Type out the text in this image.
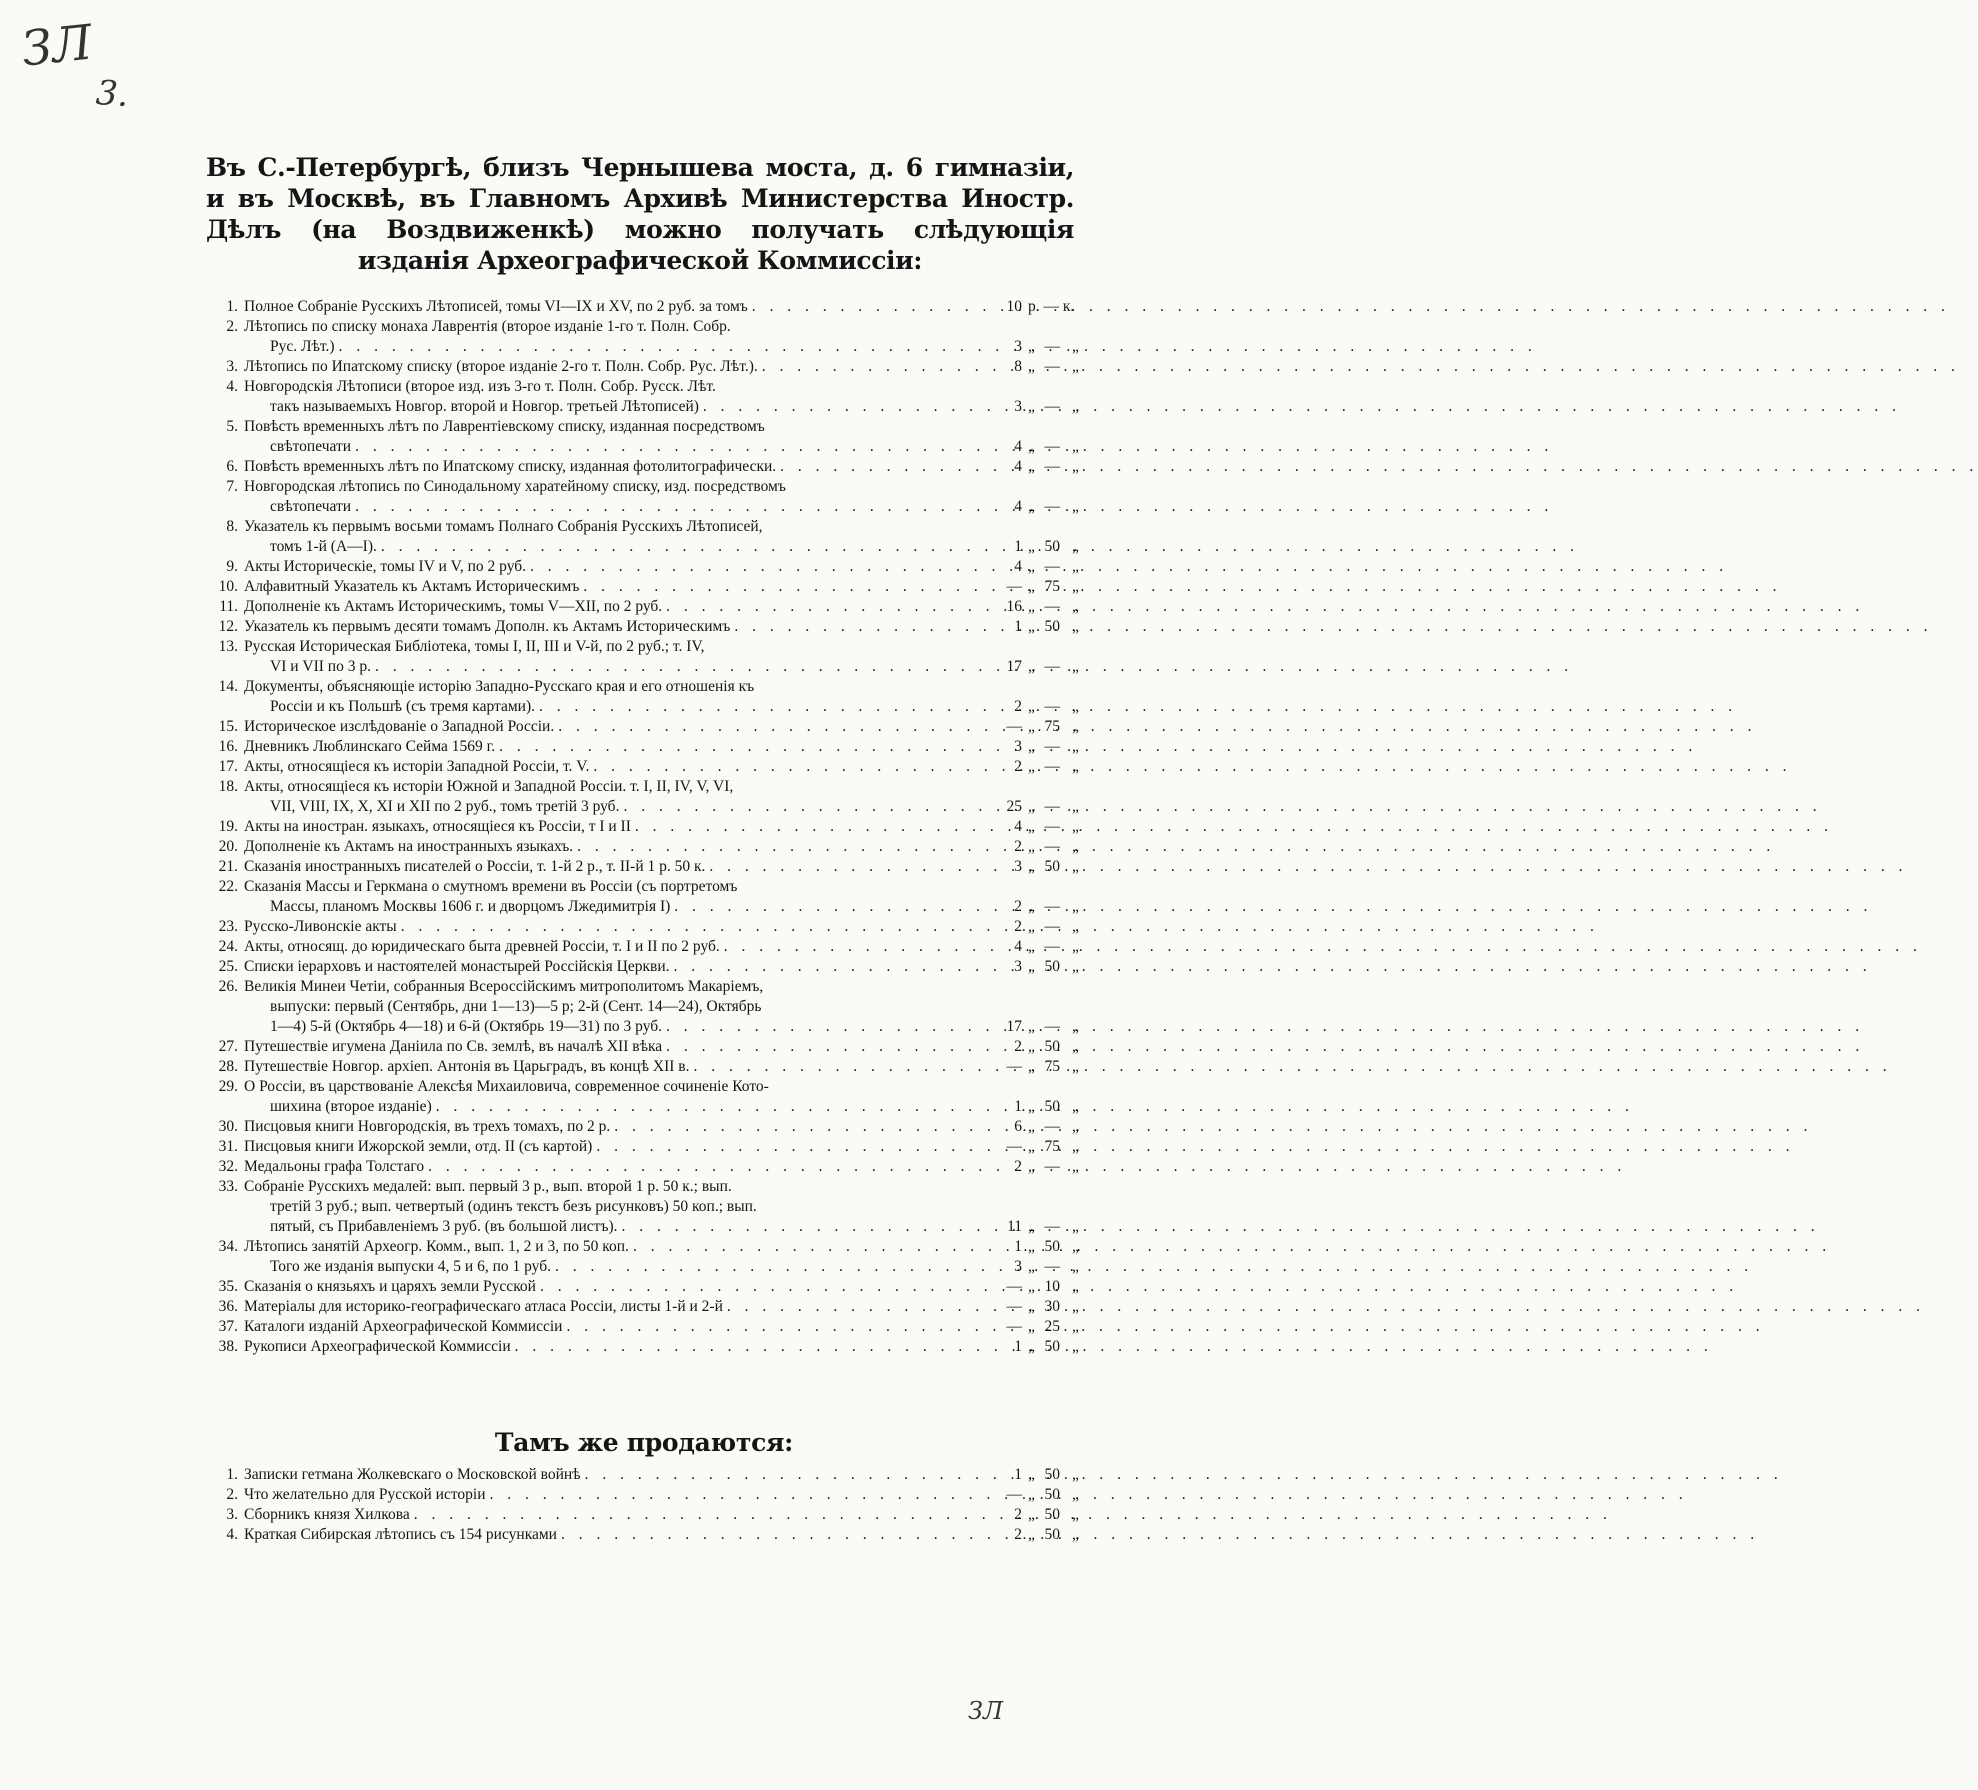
ЗЛ
3.
ЗЛ
Въ С.-Петербургѣ, близъ Чернышева моста, д. 6 гимназіи, и въ Москвѣ, въ Главномъ Архивѣ Министерства Иностр. Дѣлъ (на Воздвиженкѣ) можно получать слѣдующія изданія Археографической Коммиссіи:
1. Полное Собраніе Русскихъ Лѣтописей, томы VI—IX и XV, по 2 руб. за томъ . . .	10 р. — к.
2. Лѣтопись по списку монаха Лаврентія (второе изданіе 1-го т. Полн. Собр.
Рус. Лѣт.) . . .	3 „ — „
3. Лѣтопись по Ипатскому списку (второе изданіе 2-го т. Полн. Собр. Рус. Лѣт.). . . .	8 „ — „
4. Новгородскія Лѣтописи (второе изд. изъ 3-го т. Полн. Собр. Русск. Лѣт.
такъ называемыхъ Новгор. второй и Новгор. третьей Лѣтописей) . . .	3 „ — „
5. Повѣсть временныхъ лѣтъ по Лаврентіевскому списку, изданная посредствомъ
свѣтопечати . . .	4 „ — „
6. Повѣсть временныхъ лѣтъ по Ипатскому списку, изданная фотолитографически. . . .	4 „ — „
7. Новгородская лѣтопись по Синодальному харатейному списку, изд. посредствомъ
свѣтопечати . . .	4 „ — „
8. Указатель къ первымъ восьми томамъ Полнаго Собранія Русскихъ Лѣтописей,
томъ 1-й (А—I). . . .	1 „ 50 „
9. Акты Историческіе, томы IV и V, по 2 руб. . . .	4 „ — „
10. Алфавитный Указатель къ Актамъ Историческимъ . . .	— „ 75 „
11. Дополненіе къ Актамъ Историческимъ, томы V—XII, по 2 руб. . . .	16 „ — „
12. Указатель къ первымъ десяти томамъ Дополн. къ Актамъ Историческимъ . . .	1 „ 50 „
13. Русская Историческая Библіотека, томы I, II, III и V-й, по 2 руб.; т. IV,
VI и VII по 3 р. . . .	17 „ — „
14. Документы, объясняющіе исторію Западно-Русскаго края и его отношенія къ
Россіи и къ Польшѣ (съ тремя картами). . . .	2 „ — „
15. Историческое изслѣдованіе о Западной Россіи. . . .	— „ 75 „
16. Дневникъ Люблинскаго Сейма 1569 г. . . .	3 „ — „
17. Акты, относящіеся къ исторіи Западной Россіи, т. V. . . .	2 „ — „
18. Акты, относящіеся къ исторіи Южной и Западной Россіи. т. I, II, IV, V, VI,
VII, VIII, IX, X, XI и XII по 2 руб., томъ третій 3 руб. . . .	25 „ — „
19. Акты на иностран. языкахъ, относящіеся къ Россіи, т I и II . . .	4 „ — „
20. Дополненіе къ Актамъ на иностранныхъ языкахъ. . . .	2 „ — „
21. Сказанія иностранныхъ писателей о Россіи, т. 1-й 2 р., т. II-й 1 р. 50 к. . . .	3 „ 50 „
22. Сказанія Массы и Геркмана о смутномъ времени въ Россіи (съ портретомъ
Массы, планомъ Москвы 1606 г. и дворцомъ Лжедимитрія I) . . .	2 „ — „
23. Русско-Ливонскіе акты . . .	2 „ — „
24. Акты, относящ. до юридическаго быта древней Россіи, т. I и II по 2 руб. . . .	4 „ — „
25. Списки іерарховъ и настоятелей монастырей Россійскія Церкви. . . .	3 „ 50 „
26. Великія Минеи Четіи, собранныя Всероссійскимъ митрополитомъ Макаріемъ,
выпуски: первый (Сентябрь, дни 1—13)—5 р; 2-й (Сент. 14—24), Октябрь
1—4) 5-й (Октябрь 4—18) и 6-й (Октябрь 19—31) по 3 руб. . . .	17 „ — „
27. Путешествіе игумена Даніила по Св. землѣ, въ началѣ XII вѣка . . .	2 „ 50 „
28. Путешествіе Новгор. архіеп. Антонія въ Царьградъ, въ концѣ XII в. . . .	— „ 75 „
29. О Россіи, въ царствованіе Алексѣя Михаиловича, современное сочиненіе Кото-
шихина (второе изданіе) . . .	1 „ 50 „
30. Писцовыя книги Новгородскія, въ трехъ томахъ, по 2 р. . . .	6 „ — „
31. Писцовыя книги Ижорской земли, отд. II (съ картой) . . .	— „ 75 „
32. Медальоны графа Толстаго . . .	2 „ — „
33. Собраніе Русскихъ медалей: вып. первый 3 р., вып. второй 1 р. 50 к.; вып.
третій 3 руб.; вып. четвертый (одинъ текстъ безъ рисунковъ) 50 коп.; вып.
пятый, съ Прибавленіемъ 3 руб. (въ большой листъ). . . .	11 „ — „
34. Лѣтопись занятій Археогр. Комм., вып. 1, 2 и 3, по 50 коп. . . .	1 „ 50 „
Того же изданія выпуски 4, 5 и 6, по 1 руб. . . .	3 „ — „
35. Сказанія о князьяхъ и царяхъ земли Русской . . .	— „ 10 „
36. Матеріалы для историко-географическаго атласа Россіи, листы 1-й и 2-й . . .	— „ 30 „
37. Каталоги изданій Археографической Коммиссіи . . .	— „ 25 „
38. Рукописи Археографической Коммиссіи . . .	1 „ 50 „
Тамъ же продаются:
1. Записки гетмана Жолкевскаго о Московской войнѣ . . .	1 „ 50 „
2. Что желательно для Русской исторіи . . .	— „ 50 „
3. Сборникъ князя Хилкова . . .	2 „ 50 „
4. Краткая Сибирская лѣтопись съ 154 рисунками . . .	2 „ 50 „
